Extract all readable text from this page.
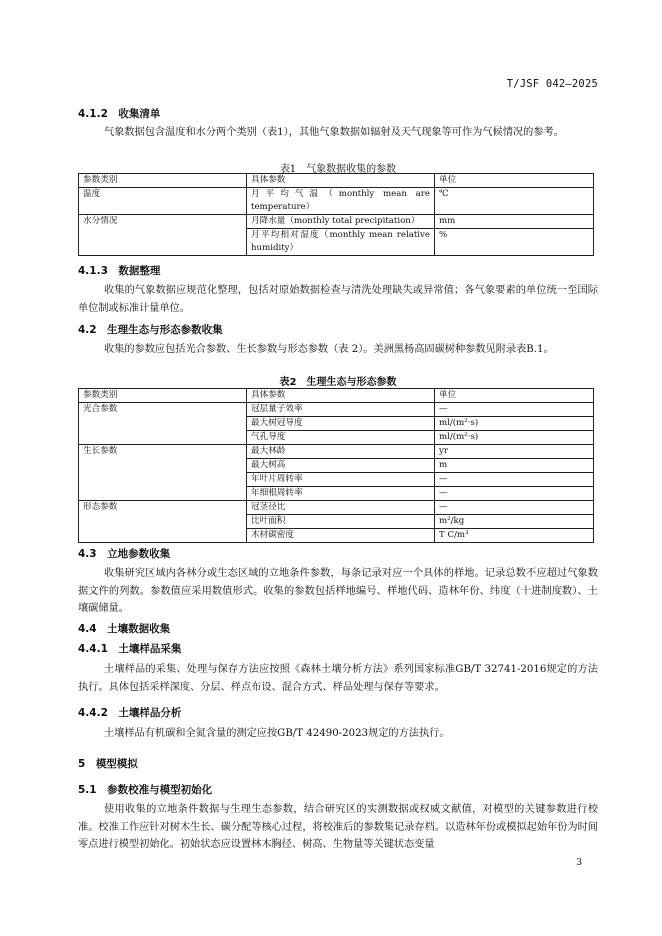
T/JSF 042—2025
4.1.2  收集清单
气象数据包含温度和水分两个类别（表1），其他气象数据如辐射及天气现象等可作为气候情况的参考。
表1　气象数据收集的参数
参数类别	具体参数	单位
温度	月平均气温（monthly mean are temperature）	℃
水分情况	月降水量（monthly total precipitation）	mm
	月平均相对湿度（monthly mean relative humidity）	%
4.1.3  数据整理
收集的气象数据应规范化整理，包括对原始数据检查与清洗处理缺失或异常值；各气象要素的单位统一至国际单位制或标准计量单位。
4.2  生理生态与形态参数收集
收集的参数应包括光合参数、生长参数与形态参数（表 2）。美洲黑杨高固碳树种参数见附录表B.1。
表2　生理生态与形态参数
参数类别	具体参数	单位
光合参数	冠层量子效率	—
	最大树冠导度	ml/(m²·s)
	气孔导度	ml/(m²·s)
生长参数	最大林龄	yr
	最大树高	m
	年叶片周转率	—
	年细根周转率	—
形态参数	冠茎径比	—
	比叶面积	m²/kg
	木材碳密度	T C/m³
4.3  立地参数收集
收集研究区域内各林分或生态区域的立地条件参数，每条记录对应一个具体的样地。记录总数不应超过气象数据文件的列数。参数值应采用数值形式。收集的参数包括样地编号、样地代码、造林年份、纬度（十进制度数）、土壤碳储量。
4.4  土壤数据收集
4.4.1  土壤样品采集
土壤样品的采集、处理与保存方法应按照《森林土壤分析方法》系列国家标准GB/T 32741-2016规定的方法执行。具体包括采样深度、分层、样点布设、混合方式、样品处理与保存等要求。
4.4.2  土壤样品分析
土壤样品有机碳和全氮含量的测定应按GB/T 42490-2023规定的方法执行。
5  模型模拟
5.1  参数校准与模型初始化
使用收集的立地条件数据与生理生态参数，结合研究区的实测数据或权威文献值，对模型的关键参数进行校准。校准工作应针对树木生长、碳分配等核心过程，将校准后的参数集记录存档。以造林年份或模拟起始年份为时间零点进行模型初始化。初始状态应设置林木胸径、树高、生物量等关键状态变量
3
